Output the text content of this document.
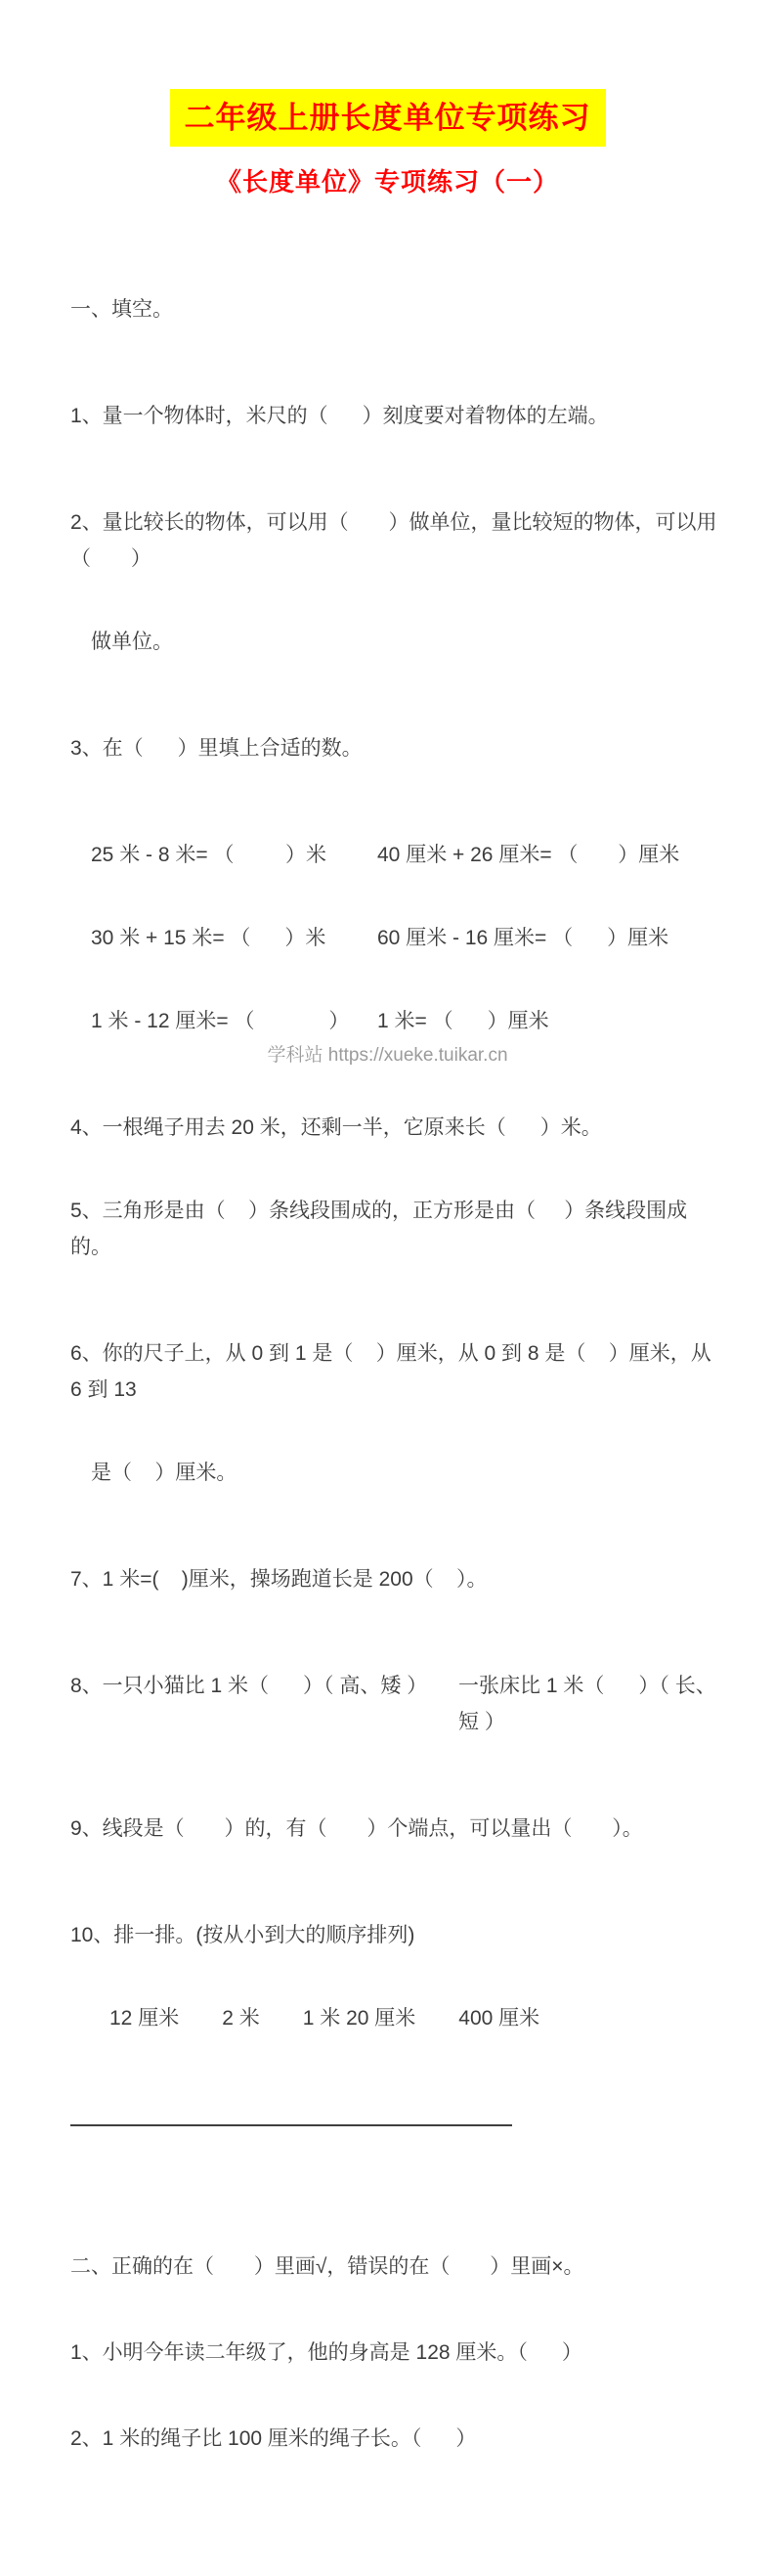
二年级上册长度单位专项练习
《长度单位》专项练习（一）

一、填空。

1、量一个物体时，米尺的（      ）刻度要对着物体的左端。

2、量比较长的物体，可以用（       ）做单位，量比较短的物体，可以用（       ）

做单位。

3、在（      ）里填上合适的数。

25 米 - 8 米= （         ）米	40 厘米 + 26 厘米= （       ）厘米

30 米 + 15 米= （      ）米	60 厘米 - 16 厘米= （      ）厘米

1 米 - 12 厘米= （             ）	1 米= （      ）厘米

4、一根绳子用去 20 米，还剩一半，它原来长（      ）米。

5、三角形是由（    ）条线段围成的，正方形是由（     ）条线段围成的。

6、你的尺子上，从 0 到 1 是（    ）厘米，从 0 到 8 是（    ）厘米，从 6 到 13

是（    ）厘米。

7、1 米=(    )厘米，操场跑道长是 200（    ）。

8、一只小猫比 1 米（      ）（ 高、矮 ）	一张床比 1 米（      ）（ 长、短 ）

9、线段是（       ）的，有（       ）个端点，可以量出（       ）。

10、排一排。(按从小到大的顺序排列)

12 厘米 2 米 1 米 20 厘米 400 厘米

二、正确的在（       ）里画√，错误的在（       ）里画×。

1、小明今年读二年级了，他的身高是 128 厘米。（      ）

2、1 米的绳子比 100 厘米的绳子长。（      ）

学科站 https://xueke.tuikar.cn
